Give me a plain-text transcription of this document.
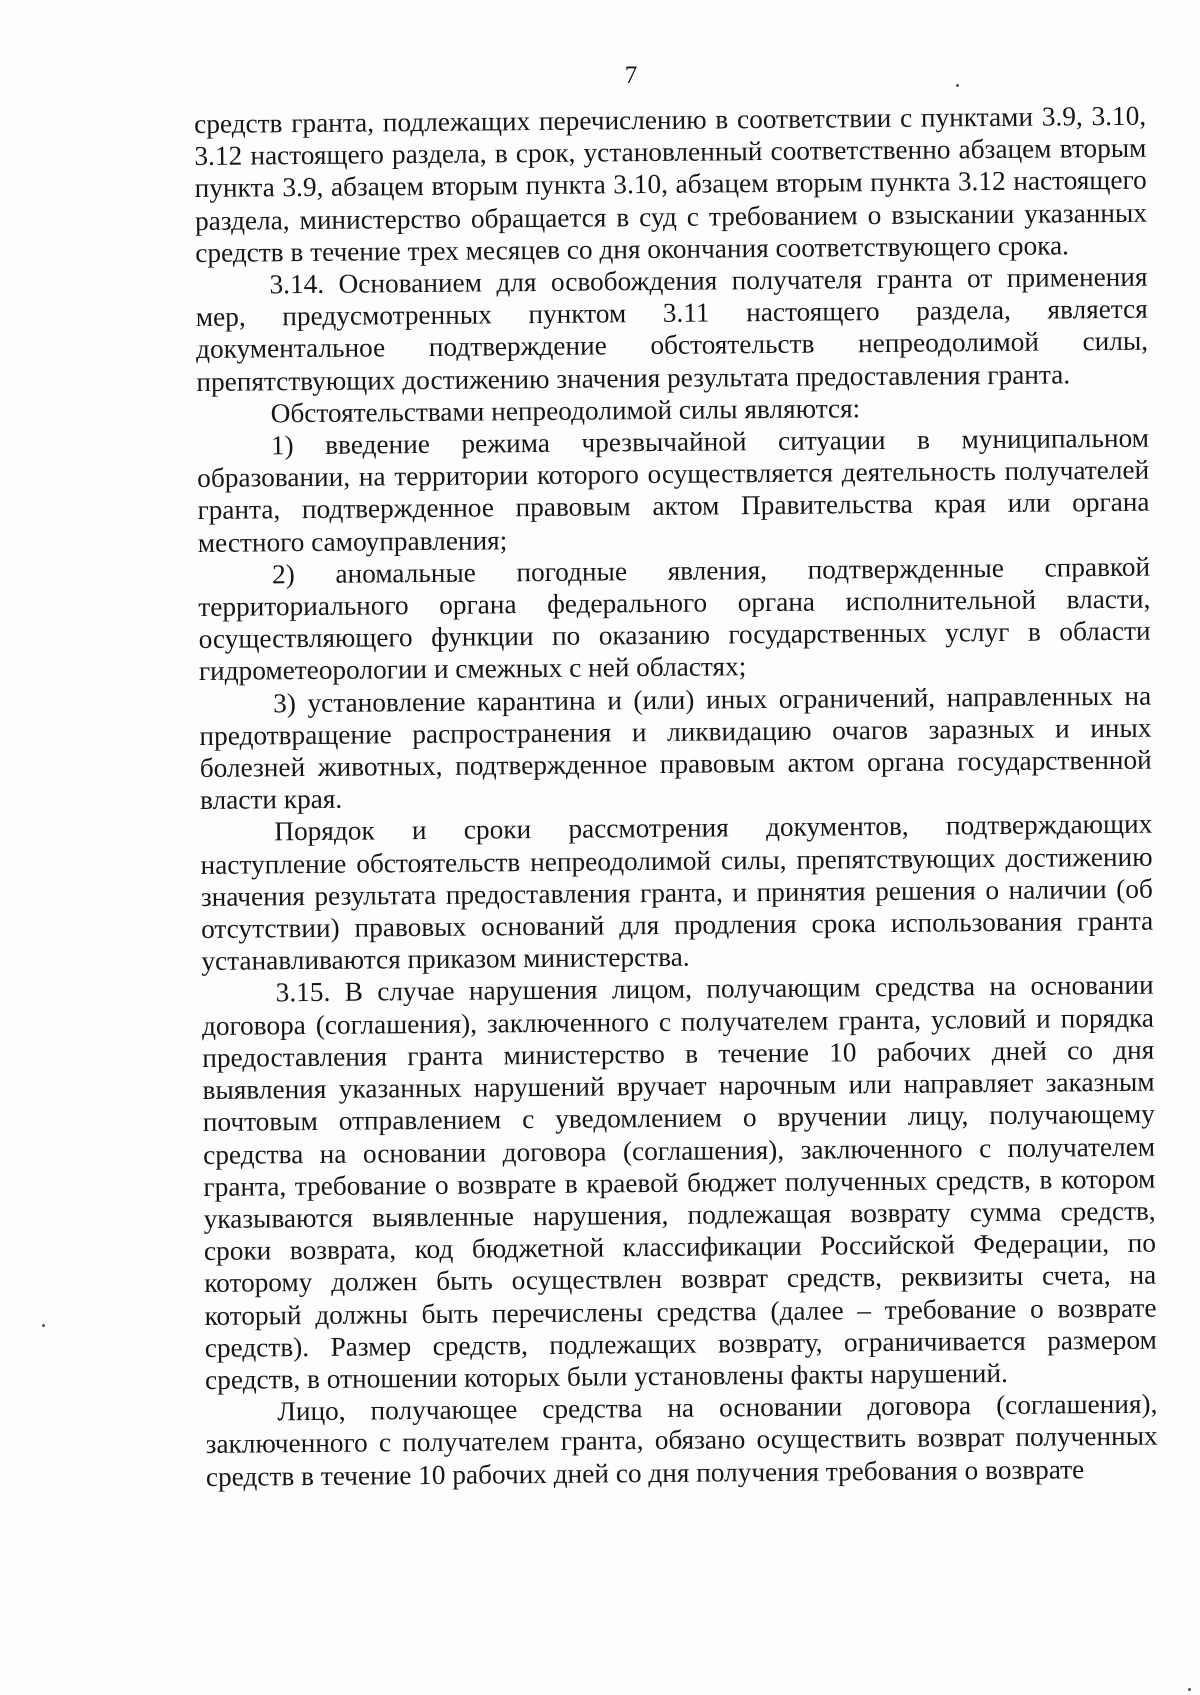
7

средств гранта, подлежащих перечислению в соответствии с пунктами 3.9, 3.10, 3.12 настоящего раздела, в срок, установленный соответственно абзацем вторым пункта 3.9, абзацем вторым пункта 3.10, абзацем вторым пункта 3.12 настоящего раздела, министерство обращается в суд с требованием о взыскании указанных средств в течение трех месяцев со дня окончания соответствующего срока.

3.14. Основанием для освобождения получателя гранта от применения мер, предусмотренных пунктом 3.11 настоящего раздела, является документальное подтверждение обстоятельств непреодолимой силы, препятствующих достижению значения результата предоставления гранта.

Обстоятельствами непреодолимой силы являются:

1) введение режима чрезвычайной ситуации в муниципальном образовании, на территории которого осуществляется деятельность получателей гранта, подтвержденное правовым актом Правительства края или органа местного самоуправления;

2) аномальные погодные явления, подтвержденные справкой территориального органа федерального органа исполнительной власти, осуществляющего функции по оказанию государственных услуг в области гидрометеорологии и смежных с ней областях;

3) установление карантина и (или) иных ограничений, направленных на предотвращение распространения и ликвидацию очагов заразных и иных болезней животных, подтвержденное правовым актом органа государственной власти края.

Порядок и сроки рассмотрения документов, подтверждающих наступление обстоятельств непреодолимой силы, препятствующих достижению значения результата предоставления гранта, и принятия решения о наличии (об отсутствии) правовых оснований для продления срока использования гранта устанавливаются приказом министерства.

3.15. В случае нарушения лицом, получающим средства на основании договора (соглашения), заключенного с получателем гранта, условий и порядка предоставления гранта министерство в течение 10 рабочих дней со дня выявления указанных нарушений вручает нарочным или направляет заказным почтовым отправлением с уведомлением о вручении лицу, получающему средства на основании договора (соглашения), заключенного с получателем гранта, требование о возврате в краевой бюджет полученных средств, в котором указываются выявленные нарушения, подлежащая возврату сумма средств, сроки возврата, код бюджетной классификации Российской Федерации, по которому должен быть осуществлен возврат средств, реквизиты счета, на который должны быть перечислены средства (далее – требование о возврате средств). Размер средств, подлежащих возврату, ограничивается размером средств, в отношении которых были установлены факты нарушений.

Лицо, получающее средства на основании договора (соглашения), заключенного с получателем гранта, обязано осуществить возврат полученных средств в течение 10 рабочих дней со дня получения требования о возврате
